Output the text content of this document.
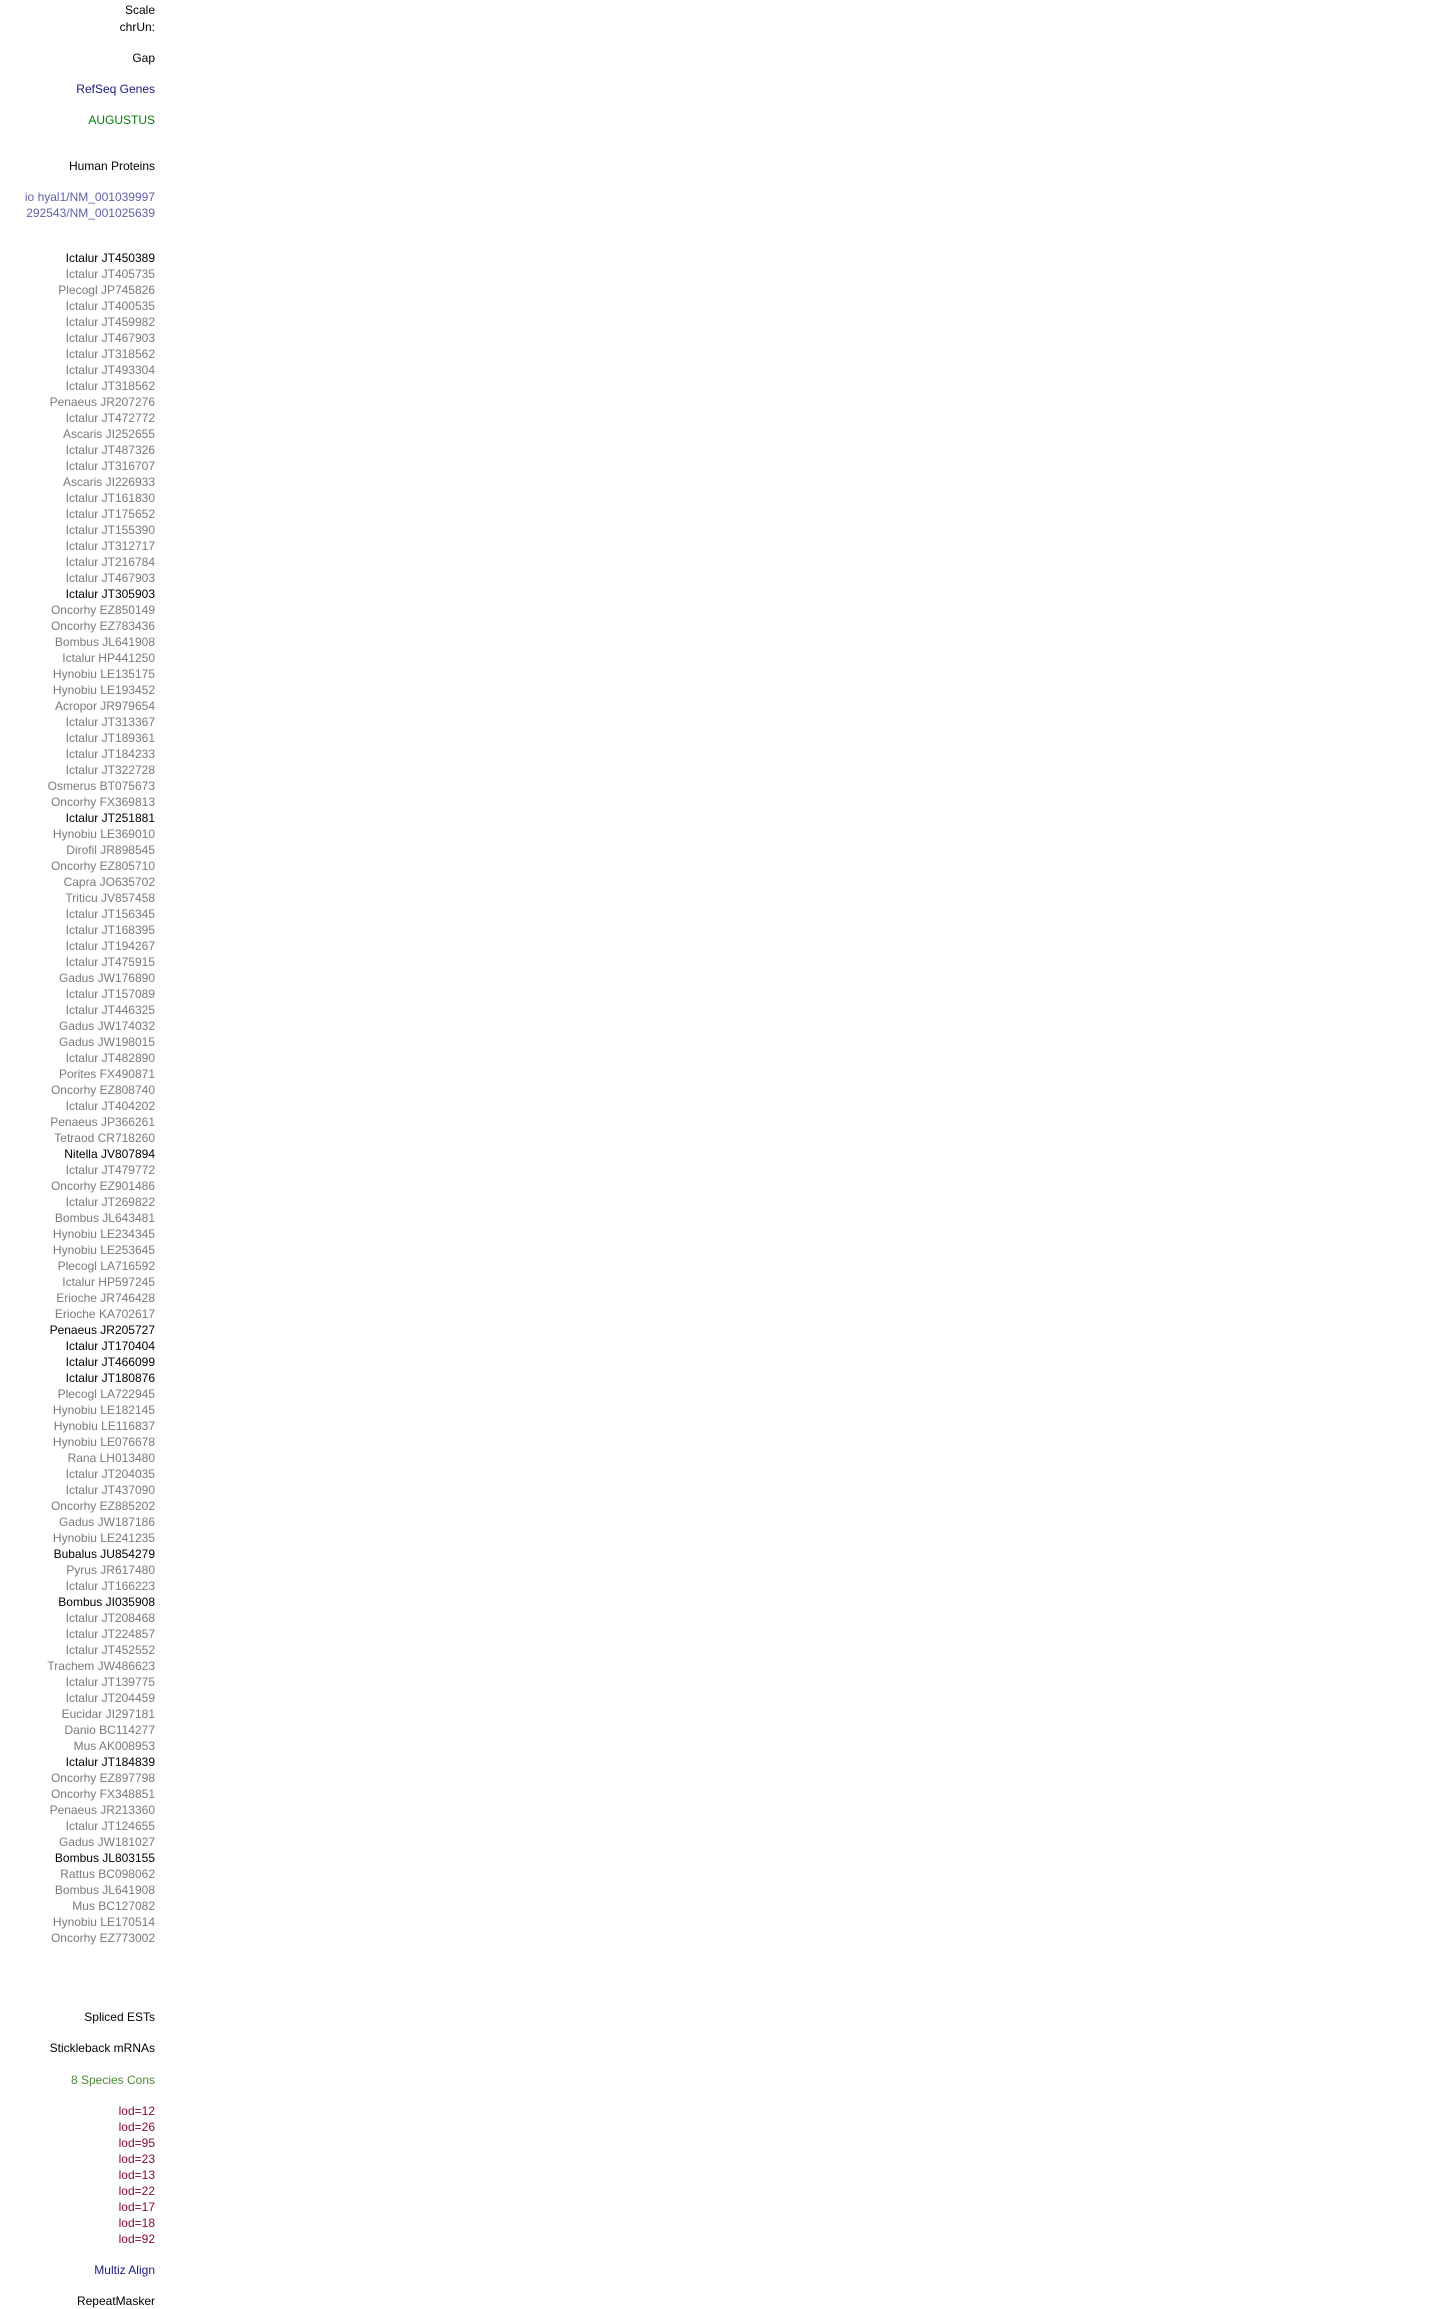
Scale
chrUn:
Gap
RefSeq Genes
AUGUSTUS
Human Proteins
io hyal1/NM_001039997
292543/NM_001025639
Ictalur JT450389
Ictalur JT405735
Plecogl JP745826
Ictalur JT400535
Ictalur JT459982
Ictalur JT467903
Ictalur JT318562
Ictalur JT493304
Ictalur JT318562
Penaeus JR207276
Ictalur JT472772
Ascaris JI252655
Ictalur JT487326
Ictalur JT316707
Ascaris JI226933
Ictalur JT161830
Ictalur JT175652
Ictalur JT155390
Ictalur JT312717
Ictalur JT216784
Ictalur JT467903
Ictalur JT305903
Oncorhy EZ850149
Oncorhy EZ783436
Bombus JL641908
Ictalur HP441250
Hynobiu LE135175
Hynobiu LE193452
Acropor JR979654
Ictalur JT313367
Ictalur JT189361
Ictalur JT184233
Ictalur JT322728
Osmerus BT075673
Oncorhy FX369813
Ictalur JT251881
Hynobiu LE369010
Dirofil JR898545
Oncorhy EZ805710
Capra JO635702
Triticu JV857458
Ictalur JT156345
Ictalur JT168395
Ictalur JT194267
Ictalur JT475915
Gadus JW176890
Ictalur JT157089
Ictalur JT446325
Gadus JW174032
Gadus JW198015
Ictalur JT482890
Porites FX490871
Oncorhy EZ808740
Ictalur JT404202
Penaeus JP366261
Tetraod CR718260
Nitella JV807894
Ictalur JT479772
Oncorhy EZ901486
Ictalur JT269822
Bombus JL643481
Hynobiu LE234345
Hynobiu LE253645
Plecogl LA716592
Ictalur HP597245
Erioche JR746428
Erioche KA702617
Penaeus JR205727
Ictalur JT170404
Ictalur JT466099
Ictalur JT180876
Plecogl LA722945
Hynobiu LE182145
Hynobiu LE116837
Hynobiu LE076678
Rana LH013480
Ictalur JT204035
Ictalur JT437090
Oncorhy EZ885202
Gadus JW187186
Hynobiu LE241235
Bubalus JU854279
Pyrus JR617480
Ictalur JT166223
Bombus JI035908
Ictalur JT208468
Ictalur JT224857
Ictalur JT452552
Trachem JW486623
Ictalur JT139775
Ictalur JT204459
Eucidar JI297181
Danio BC114277
Mus AK008953
Ictalur JT184839
Oncorhy EZ897798
Oncorhy FX348851
Penaeus JR213360
Ictalur JT124655
Gadus JW181027
Bombus JL803155
Rattus BC098062
Bombus JL641908
Mus BC127082
Hynobiu LE170514
Oncorhy EZ773002
Spliced ESTs
Stickleback mRNAs
8 Species Cons
lod=12
lod=26
lod=95
lod=23
lod=13
lod=22
lod=17
lod=18
lod=92
Multiz Align
RepeatMasker
